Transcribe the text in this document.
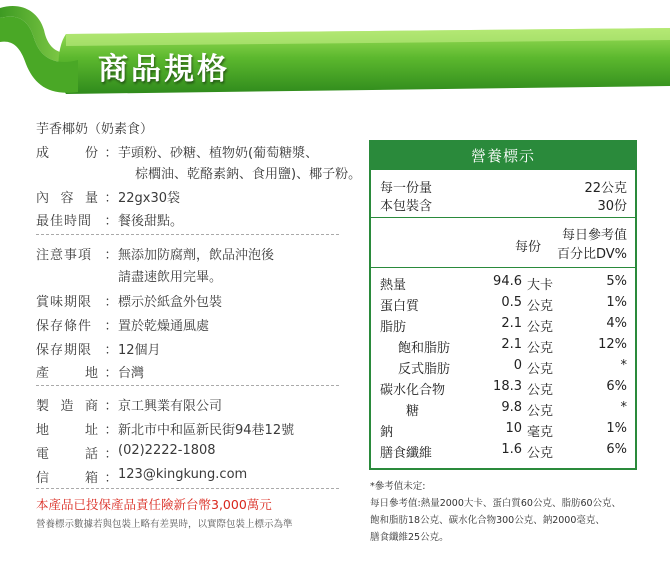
商品規格
芋香椰奶（奶素食）
成	份 ： 芋頭粉、砂糖、植物奶(葡萄糖漿、
棕櫚油、乾酪素鈉、食用鹽)、椰子粉。
內 容 量 ： 22gx30袋
最佳時間 ： 餐後甜點。
注意事項 ： 無添加防腐劑，飲品沖泡後
請盡速飲用完畢。
賞味期限 ： 標示於紙盒外包裝
保存條件 ： 置於乾燥通風處
保存期限 ： 12個月
產	地 ： 台灣
製 造 商 ： 京工興業有限公司
地	址 ： 新北市中和區新民街94巷12號
電	話 ： (02)2222-1808
信	箱 ： 123@kingkung.com
本產品已投保產品責任險新台幣3,000萬元
營養標示數據若與包裝上略有差異時，以實際包裝上標示為準
營養標示
每一份量	22公克
本包裝含	30份
每份
每日參考值
百分比DV%
熱量	94.6 大卡	5%
蛋白質	0.5 公克	1%
脂肪	2.1 公克	4%
飽和脂肪	2.1 公克	12%
反式脂肪	0 公克	*
碳水化合物	18.3 公克	6%
糖	9.8 公克	*
鈉	10 毫克	1%
膳食纖維	1.6 公克	6%
*參考值未定:
每日參考值:熱量2000大卡、蛋白質60公克、脂肪60公克、
飽和脂肪18公克、碳水化合物300公克、鈉2000毫克、
膳食纖維25公克。
